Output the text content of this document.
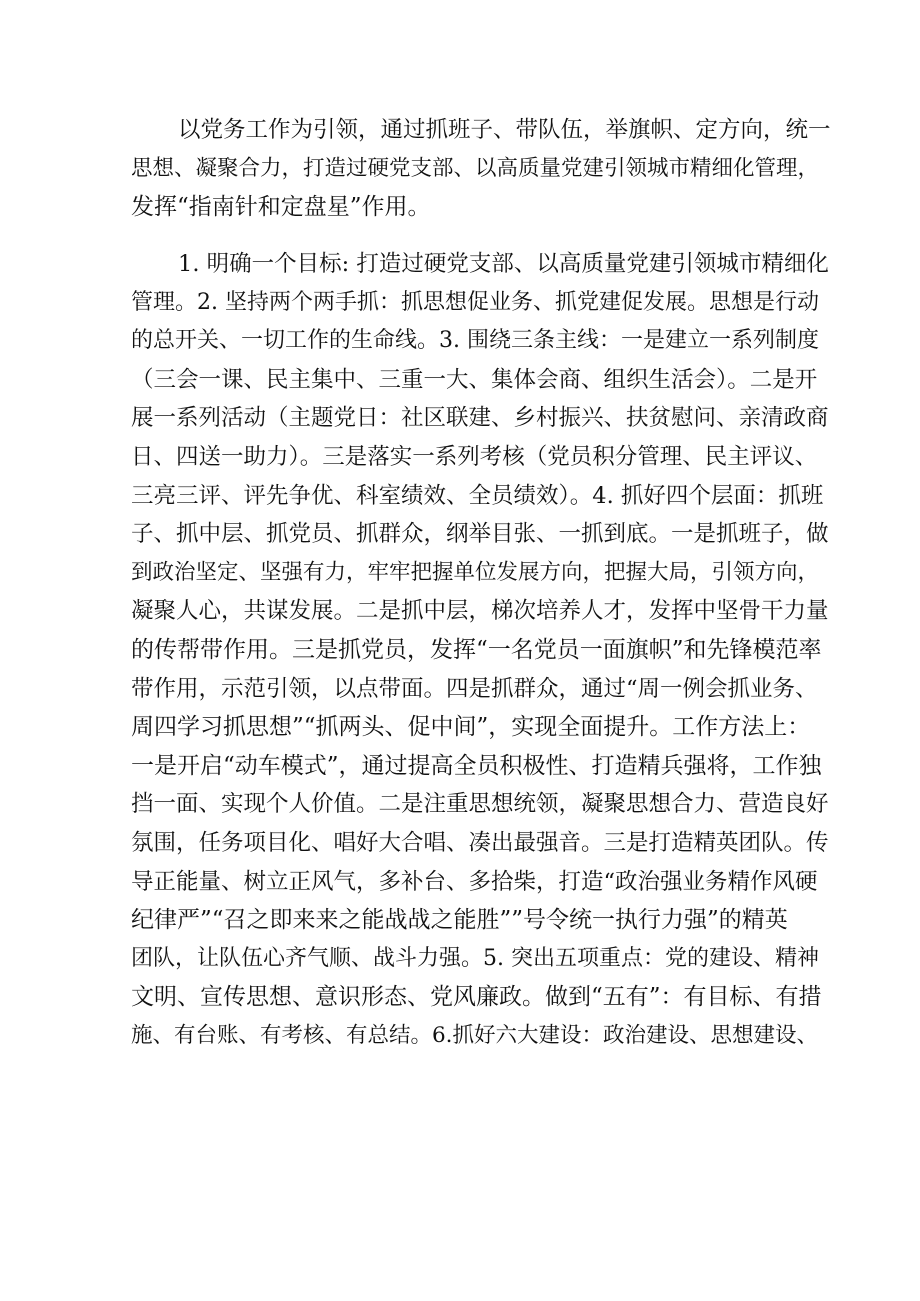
以党务工作为引领，通过抓班子、带队伍，举旗帜、定方向，统一
思想、凝聚合力，打造过硬党支部、以高质量党建引领城市精细化管理，
发挥“指南针和定盘星”作用。
1. 明确一个目标: 打造过硬党支部、以高质量党建引领城市精细化
管理。2. 坚持两个两手抓：抓思想促业务、抓党建促发展。思想是行动
的总开关、一切工作的生命线。3. 围绕三条主线：一是建立一系列制度
（三会一课、民主集中、三重一大、集体会商、组织生活会）。二是开
展一系列活动（主题党日：社区联建、乡村振兴、扶贫慰问、亲清政商
日、四送一助力）。三是落实一系列考核（党员积分管理、民主评议、
三亮三评、评先争优、科室绩效、全员绩效）。4. 抓好四个层面：抓班
子、抓中层、抓党员、抓群众，纲举目张、一抓到底。一是抓班子，做
到政治坚定、坚强有力，牢牢把握单位发展方向，把握大局，引领方向，
凝聚人心，共谋发展。二是抓中层，梯次培养人才，发挥中坚骨干力量
的传帮带作用。三是抓党员，发挥“一名党员一面旗帜”和先锋模范率
带作用，示范引领，以点带面。四是抓群众，通过“周一例会抓业务、
周四学习抓思想”“抓两头、促中间”，实现全面提升。工作方法上：
一是开启“动车模式”，通过提高全员积极性、打造精兵强将，工作独
挡一面、实现个人价值。二是注重思想统领，凝聚思想合力、营造良好
氛围，任务项目化、唱好大合唱、凑出最强音。三是打造精英团队。传
导正能量、树立正风气，多补台、多拾柴，打造“政治强业务精作风硬
纪律严”“召之即来来之能战战之能胜””号令统一执行力强”的精英
团队，让队伍心齐气顺、战斗力强。5. 突出五项重点：党的建设、精神
文明、宣传思想、意识形态、党风廉政。做到“五有”：有目标、有措
施、有台账、有考核、有总结。6.抓好六大建设：政治建设、思想建设、
